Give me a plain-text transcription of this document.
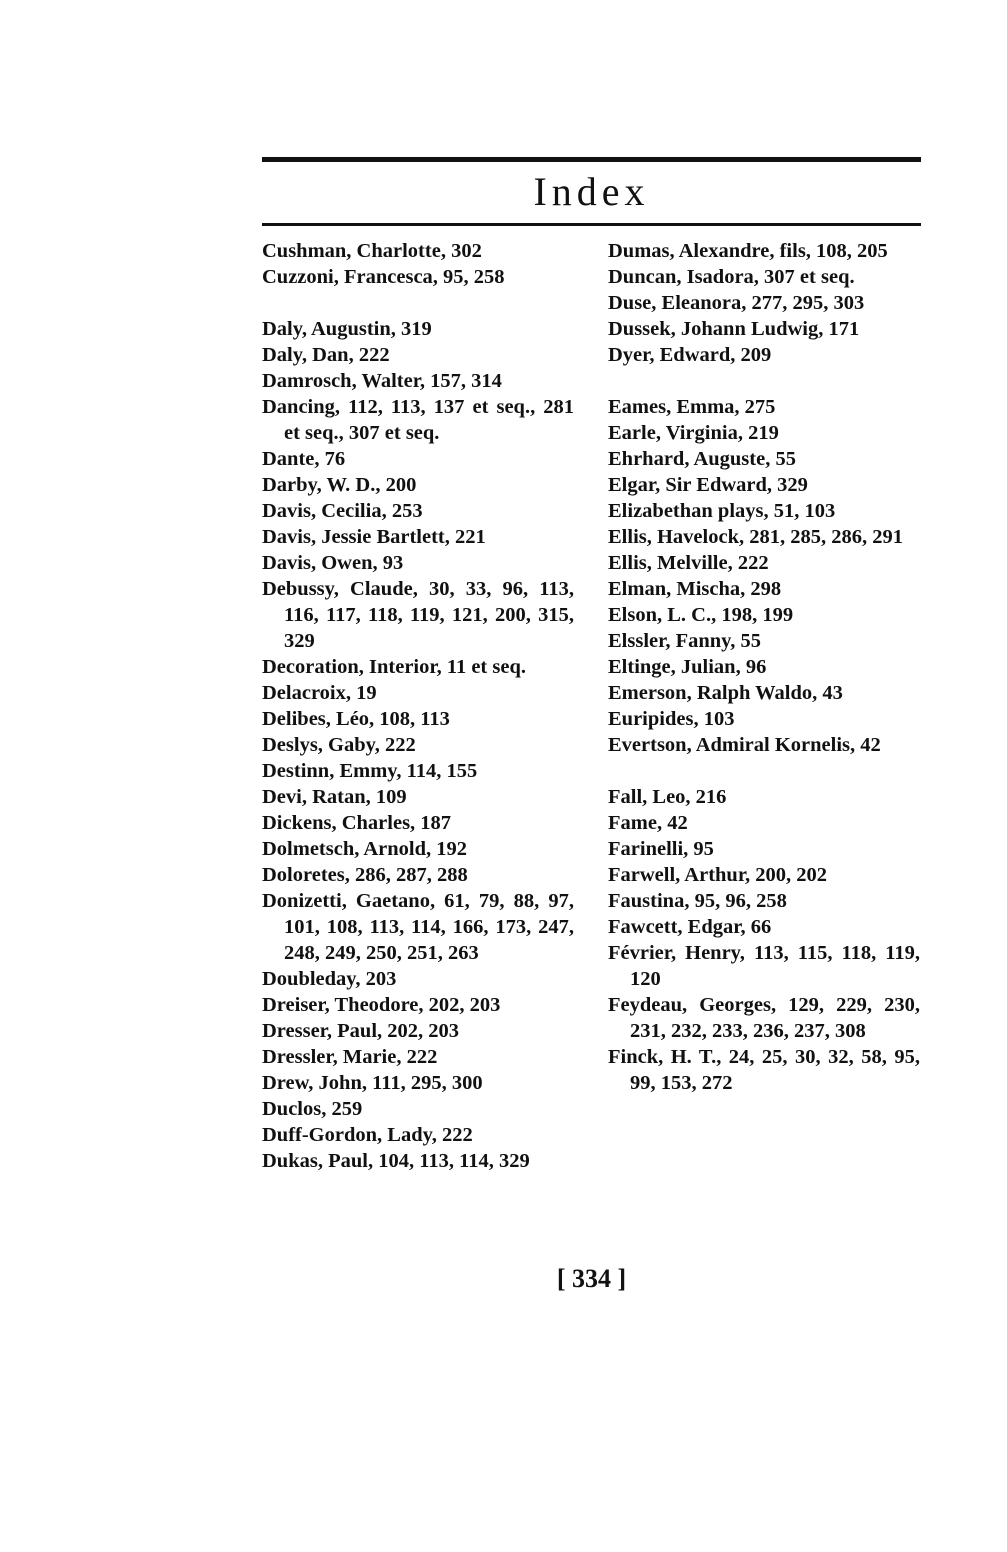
Index
Cushman, Charlotte, 302
Cuzzoni, Francesca, 95, 258
Daly, Augustin, 319
Daly, Dan, 222
Damrosch, Walter, 157, 314
Dancing, 112, 113, 137 et seq., 281 et seq., 307 et seq.
Dante, 76
Darby, W. D., 200
Davis, Cecilia, 253
Davis, Jessie Bartlett, 221
Davis, Owen, 93
Debussy, Claude, 30, 33, 96, 113, 116, 117, 118, 119, 121, 200, 315, 329
Decoration, Interior, 11 et seq.
Delacroix, 19
Delibes, Léo, 108, 113
Deslys, Gaby, 222
Destinn, Emmy, 114, 155
Devi, Ratan, 109
Dickens, Charles, 187
Dolmetsch, Arnold, 192
Doloretes, 286, 287, 288
Donizetti, Gaetano, 61, 79, 88, 97, 101, 108, 113, 114, 166, 173, 247, 248, 249, 250, 251, 263
Doubleday, 203
Dreiser, Theodore, 202, 203
Dresser, Paul, 202, 203
Dressler, Marie, 222
Drew, John, 111, 295, 300
Duclos, 259
Duff-Gordon, Lady, 222
Dukas, Paul, 104, 113, 114, 329
Dumas, Alexandre, fils, 108, 205
Duncan, Isadora, 307 et seq.
Duse, Eleanora, 277, 295, 303
Dussek, Johann Ludwig, 171
Dyer, Edward, 209
Eames, Emma, 275
Earle, Virginia, 219
Ehrhard, Auguste, 55
Elgar, Sir Edward, 329
Elizabethan plays, 51, 103
Ellis, Havelock, 281, 285, 286, 291
Ellis, Melville, 222
Elman, Mischa, 298
Elson, L. C., 198, 199
Elssler, Fanny, 55
Eltinge, Julian, 96
Emerson, Ralph Waldo, 43
Euripides, 103
Evertson, Admiral Kornelis, 42
Fall, Leo, 216
Fame, 42
Farinelli, 95
Farwell, Arthur, 200, 202
Faustina, 95, 96, 258
Fawcett, Edgar, 66
Février, Henry, 113, 115, 118, 119, 120
Feydeau, Georges, 129, 229, 230, 231, 232, 233, 236, 237, 308
Finck, H. T., 24, 25, 30, 32, 58, 95, 99, 153, 272
[ 334 ]
